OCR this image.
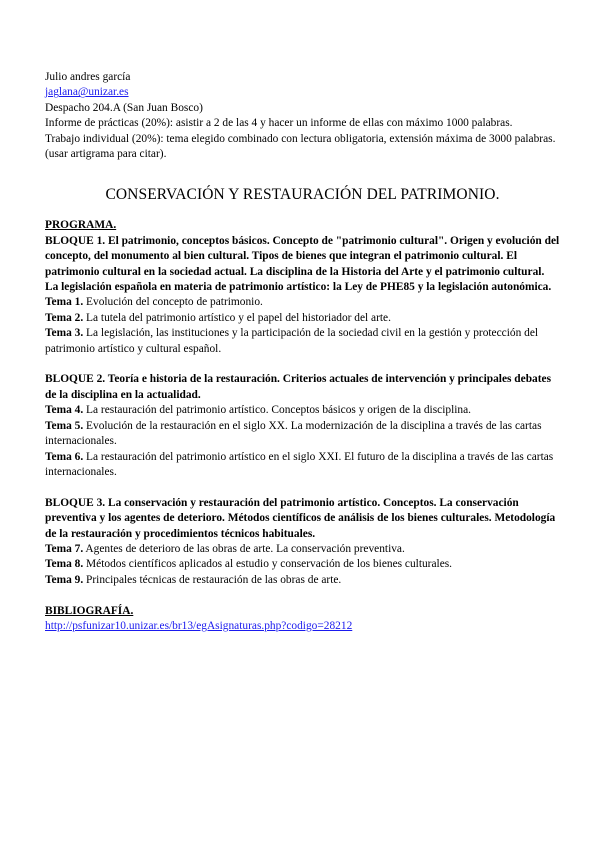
Julio andres garcía
jaglana@unizar.es
Despacho 204.A (San Juan Bosco)
Informe de prácticas (20%): asistir a 2 de las 4 y hacer un informe de ellas con máximo 1000 palabras.
Trabajo individual (20%): tema elegido combinado con lectura obligatoria, extensión máxima de 3000 palabras. (usar artigrama para citar).
CONSERVACIÓN Y RESTAURACIÓN DEL PATRIMONIO.
PROGRAMA.
BLOQUE 1. El patrimonio, conceptos básicos. Concepto de "patrimonio cultural". Origen y evolución del concepto, del monumento al bien cultural. Tipos de bienes que integran el patrimonio cultural. El patrimonio cultural en la sociedad actual. La disciplina de la Historia del Arte y el patrimonio cultural. La legislación española en materia de patrimonio artístico: la Ley de PHE85 y la legislación autonómica.
Tema 1. Evolución del concepto de patrimonio.
Tema 2. La tutela del patrimonio artístico y el papel del historiador del arte.
Tema 3. La legislación, las instituciones y la participación de la sociedad civil en la gestión y protección del patrimonio artístico y cultural español.
BLOQUE 2. Teoría e historia de la restauración. Criterios actuales de intervención y principales debates de la disciplina en la actualidad.
Tema 4. La restauración del patrimonio artístico. Conceptos básicos y origen de la disciplina.
Tema 5. Evolución de la restauración en el siglo XX. La modernización de la disciplina a través de las cartas internacionales.
Tema 6. La restauración del patrimonio artístico en el siglo XXI. El futuro de la disciplina a través de las cartas internacionales.
BLOQUE 3. La conservación y restauración del patrimonio artístico. Conceptos. La conservación preventiva y los agentes de deterioro. Métodos científicos de análisis de los bienes culturales. Metodología de la restauración y procedimientos técnicos habituales.
Tema 7. Agentes de deterioro de las obras de arte. La conservación preventiva.
Tema 8. Métodos científicos aplicados al estudio y conservación de los bienes culturales.
Tema 9. Principales técnicas de restauración de las obras de arte.
BIBLIOGRAFÍA.
http://psfunizar10.unizar.es/br13/egAsignaturas.php?codigo=28212
